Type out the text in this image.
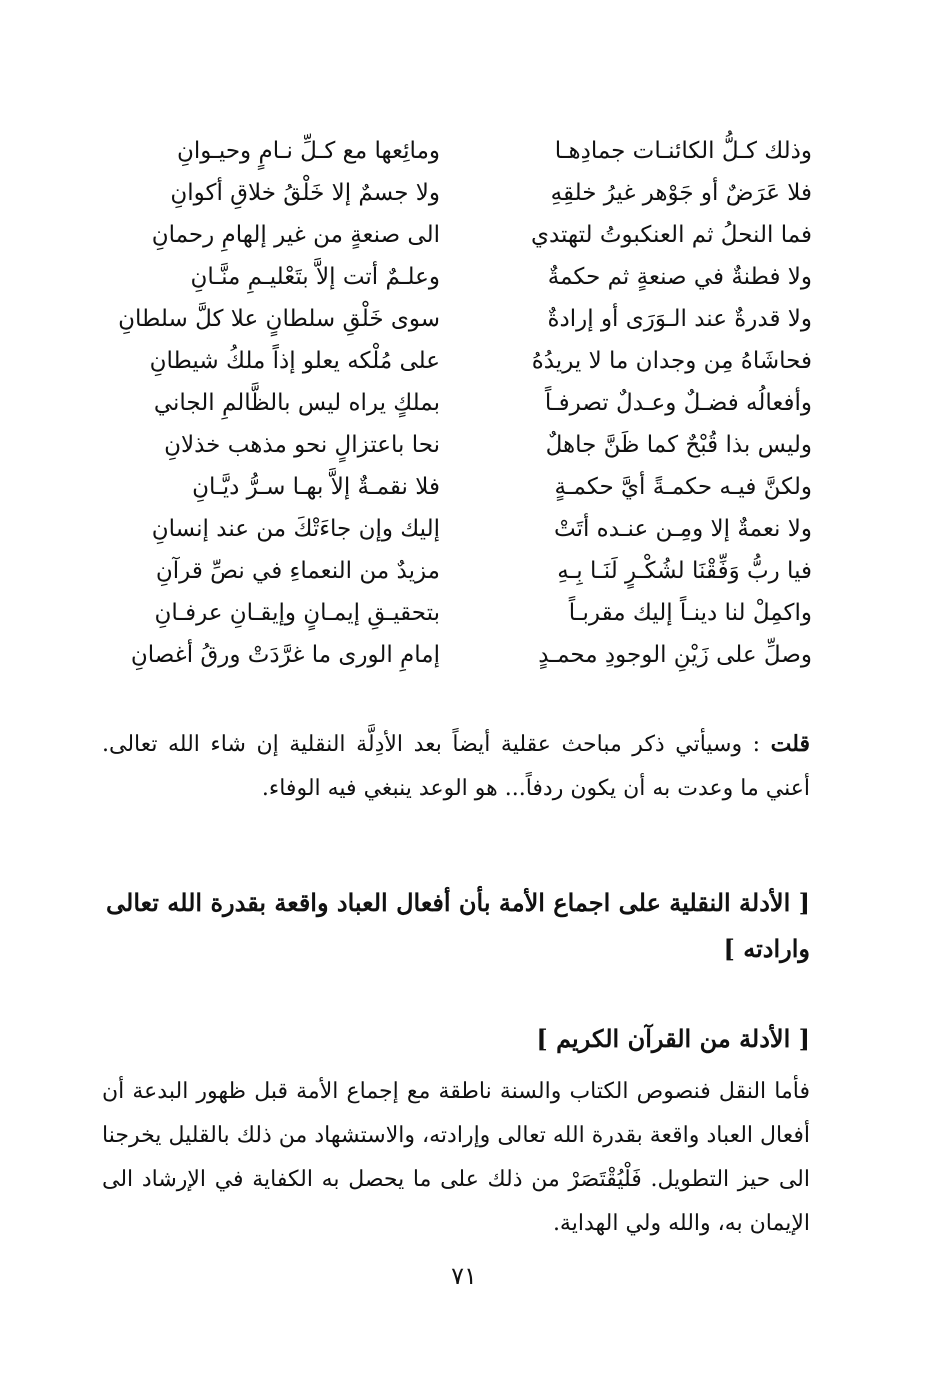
وذلك كـلُّ الكائنـات جمادِهـا
ومائِعها مع كـلِّ نـامٍ وحيـوانِ
فلا عَرَضٌ أو جَوْهر غيرُ خلقِهِ
ولا جسمٌ إلا خَلْقُ خلاقِ أكوانِ
فما النحلُ ثم العنكبوتُ لتهتدي
الى صنعةٍ من غير إلهامِ رحمانِ
ولا فطنةٌ في صنعةٍ ثم حكمةٌ
وعلـمٌ أتت إلاَّ بتَعْليـمِ منَّـانِ
ولا قدرةٌ عند الـوَرَى أو إرادةٌ
سوى خَلْقِ سلطانٍ علا كلَّ سلطانِ
فحاشَاهُ مِن وجدان ما لا يريدُهُ
على مُلْكه يعلو إذاً ملكُ شيطانِ
وأفعالُه فضـلٌ وعـدلٌ تصرفـاً
بملكٍ يراه ليس بالظَّالمِ الجاني
وليس بذا قُبْحٌ كما ظَنَّ جاهلٌ
نحا باعتزالٍ نحو مذهب خذلانِ
ولكنَّ فيـه حكمـةً أيَّ حكمـةٍ
فلا نقمـةٌ إلاَّ بهـا سـرُّ ديَّـانِ
ولا نعمةٌ إلا ومِـن عنـده أتَتْ
إليك وإن جاءَتْكَ من عند إنسانِ
فيا ربُّ وَفِّقْنَا لشُكْـرٍ لَنَـا بِـهِ
مزيدٌ من النعماءِ في نصِّ قرآنِ
واكمِلْ لنا دينـاً إليك مقربـاً
بتحقيـقِ إيمـانٍ وإيقـانِ عرفـانِ
وصلِّ على زَيْنِ الوجودِ محمـدٍ
إمامِ الورى ما غرَّدَتْ ورقُ أغصانِ
قلت : وسيأتي ذكر مباحث عقلية أيضاً بعد الأدِلَّة النقلية إن شاء الله تعالى. أعني ما وعدت به أن يكون ردفاً... هو الوعد ينبغي فيه الوفاء.
[ الأدلة النقلية على اجماع الأمة بأن أفعال العباد واقعة بقدرة الله تعالى وارادته ]
[ الأدلة من القرآن الكريم ]
فأما النقل فنصوص الكتاب والسنة ناطقة مع إجماع الأمة قبل ظهور البدعة أن أفعال العباد واقعة بقدرة الله تعالى وإرادته، والاستشهاد من ذلك بالقليل يخرجنا الى حيز التطويل. فَلْيُقْتَصَرْ من ذلك على ما يحصل به الكفاية في الإرشاد الى الإيمان به، والله ولي الهداية.
٧١
